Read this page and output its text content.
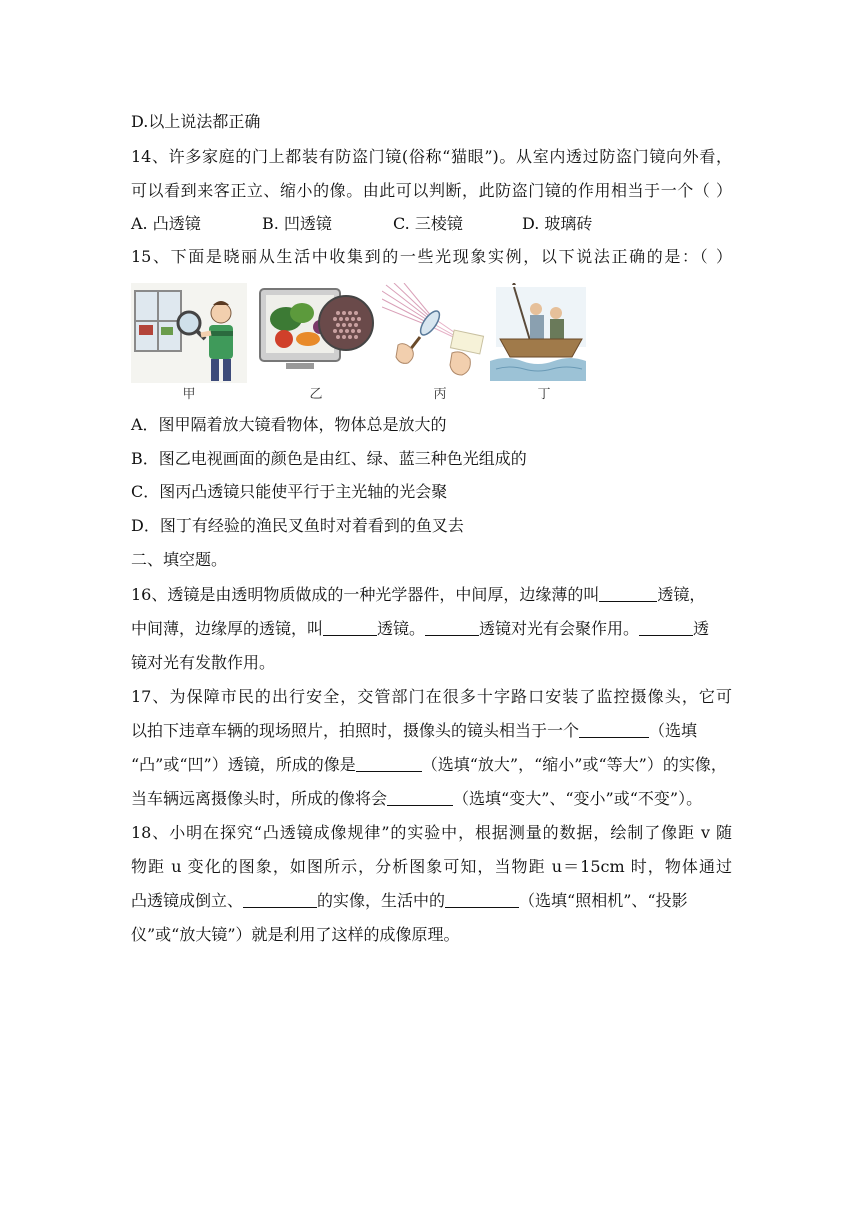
D.以上说法都正确
14、许多家庭的门上都装有防盗门镜(俗称“猫眼”)。从室内透过防盗门镜向外看，
可以看到来客正立、缩小的像。由此可以判断，此防盗门镜的作用相当于一个（ ）
A. 凸透镜	B. 凹透镜	C. 三棱镜	D. 玻璃砖
15、下面是晓丽从生活中收集到的一些光现象实例，以下说法正确的是：（ ）
甲	乙	丙	丁
A．图甲隔着放大镜看物体，物体总是放大的
B．图乙电视画面的颜色是由红、绿、蓝三种色光组成的
C．图丙凸透镜只能使平行于主光轴的光会聚
D．图丁有经验的渔民叉鱼时对着看到的鱼叉去
二、填空题。
16、透镜是由透明物质做成的一种光学器件，中间厚，边缘薄的叫	透镜，
中间薄，边缘厚的透镜，叫	透镜。	透镜对光有会聚作用。	透
镜对光有发散作用。
17、为保障市民的出行安全，交管部门在很多十字路口安装了监控摄像头，它可
以拍下违章车辆的现场照片，拍照时，摄像头的镜头相当于一个	（选填
“凸”或“凹”）透镜，所成的像是	（选填“放大”，“缩小”或“等大”）的实像，
当车辆远离摄像头时，所成的像将会	（选填“变大”、“变小”或“不变”）。
18、小明在探究“凸透镜成像规律”的实验中，根据测量的数据，绘制了像距 v 随
物距 u 变化的图象，如图所示，分析图象可知，当物距 u＝15cm 时，物体通过
凸透镜成倒立、	的实像，生活中的	（选填“照相机”、“投影
仪”或“放大镜”）就是利用了这样的成像原理。
